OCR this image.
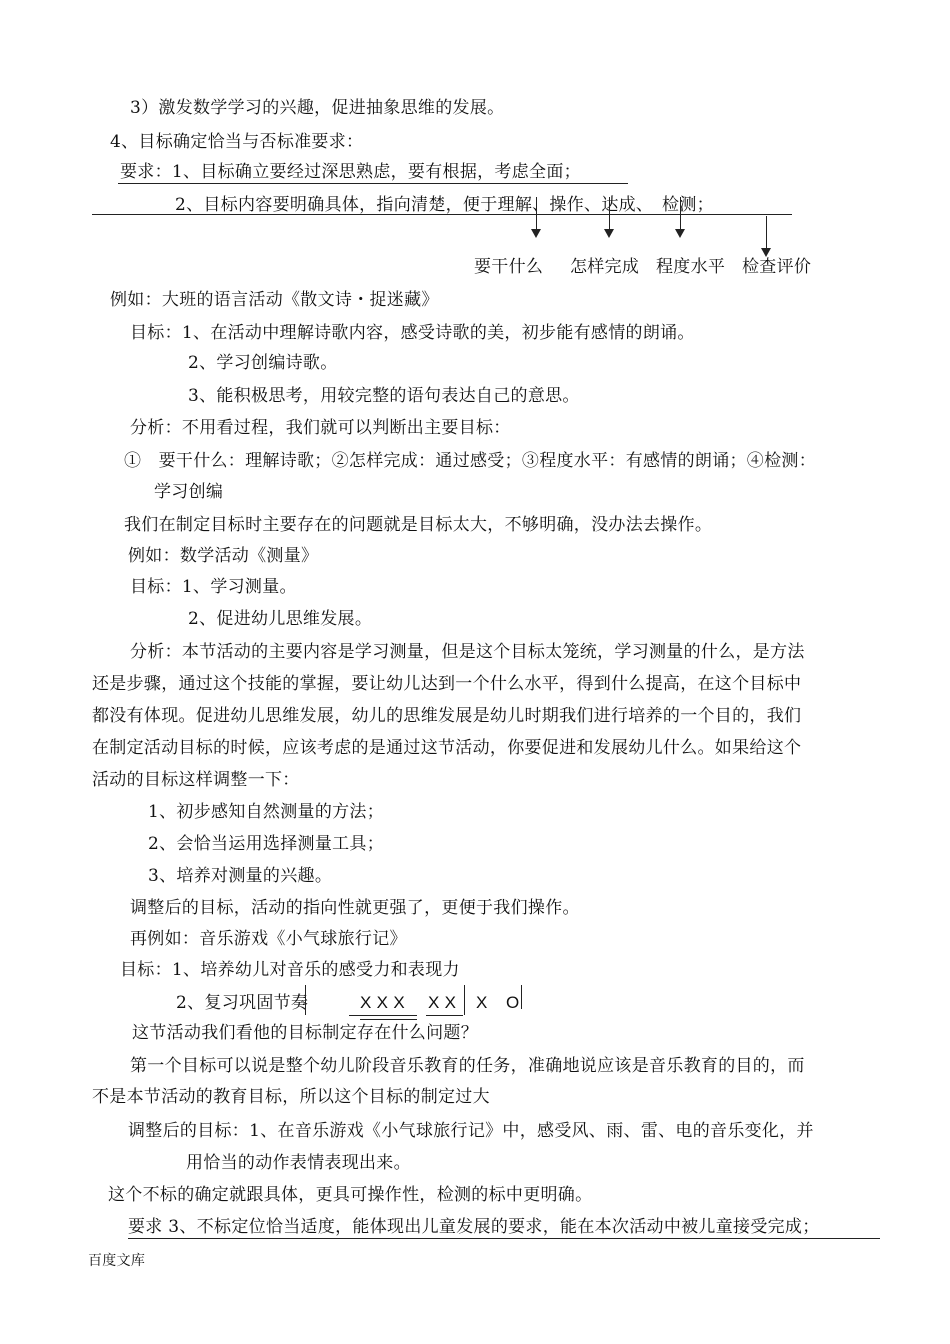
3）激发数学学习的兴趣，促进抽象思维的发展。
4、目标确定恰当与否标准要求：
要求：1、目标确立要经过深思熟虑，要有根据，考虑全面；
2、目标内容要明确具体，指向清楚，便于理解、操作、达成、　检测；
要干什么 怎样完成 程度水平 检查评价
例如：大班的语言活动《散文诗・捉迷藏》
目标：1、在活动中理解诗歌内容，感受诗歌的美，初步能有感情的朗诵。
2、学习创编诗歌。
3、能积极思考，用较完整的语句表达自己的意思。
分析：不用看过程，我们就可以判断出主要目标：
①　要干什么：理解诗歌；②怎样完成：通过感受；③程度水平：有感情的朗诵；④检测：
学习创编
我们在制定目标时主要存在的问题就是目标太大，不够明确，没办法去操作。
例如：数学活动《测量》
目标：1、学习测量。
2、促进幼儿思维发展。
分析：本节活动的主要内容是学习测量，但是这个目标太笼统，学习测量的什么，是方法
还是步骤，通过这个技能的掌握，要让幼儿达到一个什么水平，得到什么提高，在这个目标中
都没有体现。促进幼儿思维发展，幼儿的思维发展是幼儿时期我们进行培养的一个目的，我们
在制定活动目标的时候，应该考虑的是通过这节活动，你要促进和发展幼儿什么。如果给这个
活动的目标这样调整一下：
1、初步感知自然测量的方法；
2、会恰当运用选择测量工具；
3、培养对测量的兴趣。
调整后的目标，活动的指向性就更强了，更便于我们操作。
再例如：音乐游戏《小气球旅行记》
目标：1、培养幼儿对音乐的感受力和表现力
2、复习巩固节奏	X X X X X X O
这节活动我们看他的目标制定存在什么问题？
第一个目标可以说是整个幼儿阶段音乐教育的任务，准确地说应该是音乐教育的目的，而
不是本节活动的教育目标，所以这个目标的制定过大
调整后的目标：1、在音乐游戏《小气球旅行记》中，感受风、雨、雷、电的音乐变化，并
用恰当的动作表情表现出来。
这个不标的确定就跟具体，更具可操作性，检测的标中更明确。
要求 3、不标定位恰当适度，能体现出儿童发展的要求，能在本次活动中被儿童接受完成；
百度文库
